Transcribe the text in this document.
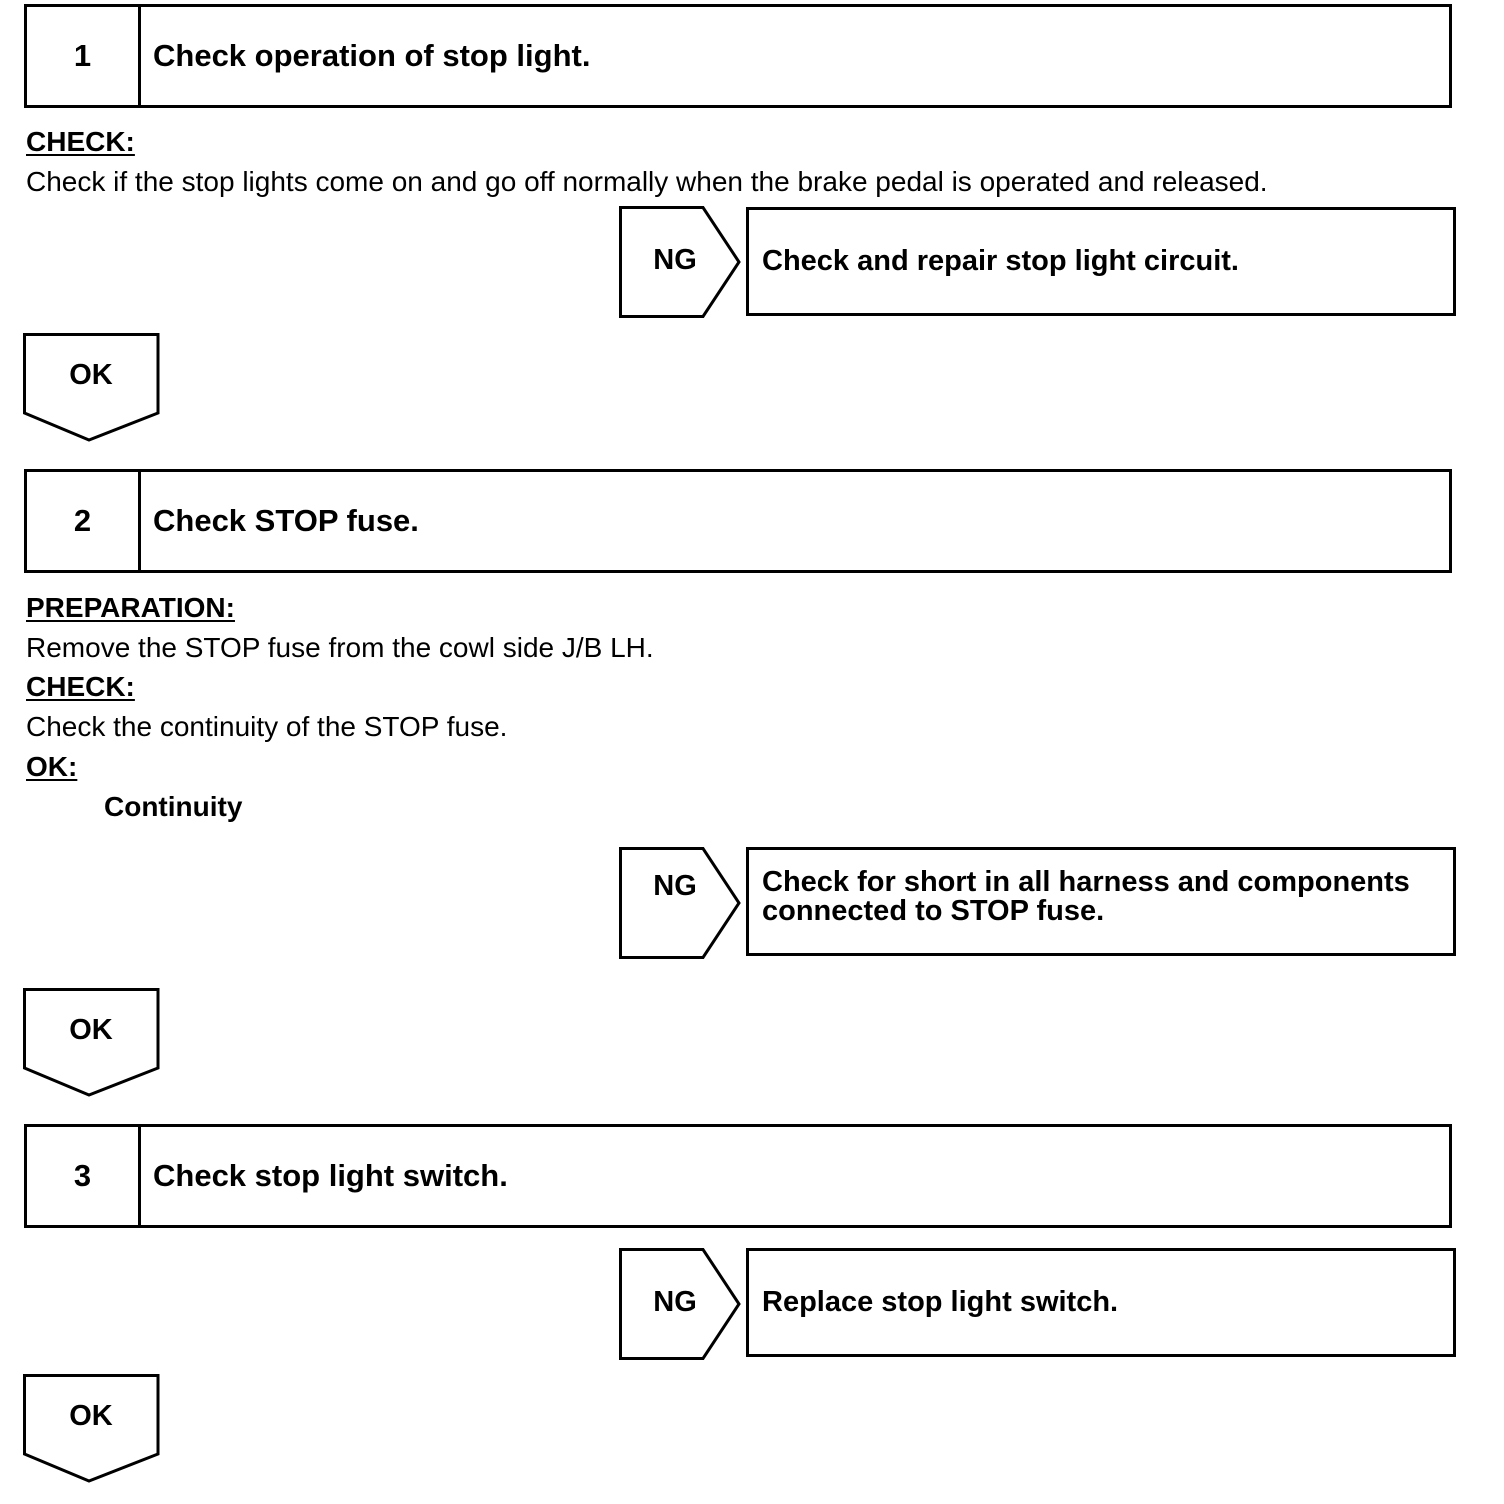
1	Check operation of stop light.
CHECK:
Check if the stop lights come on and go off normally when the brake pedal is operated and released.
NG	Check and repair stop light circuit.
OK
2	Check STOP fuse.
PREPARATION:
Remove the STOP fuse from the cowl side J/B LH.
CHECK:
Check the continuity of the STOP fuse.
OK:
Continuity
NG	Check for short in all harness and components
connected to STOP fuse.
OK
3	Check stop light switch.
NG	Replace stop light switch.
OK
